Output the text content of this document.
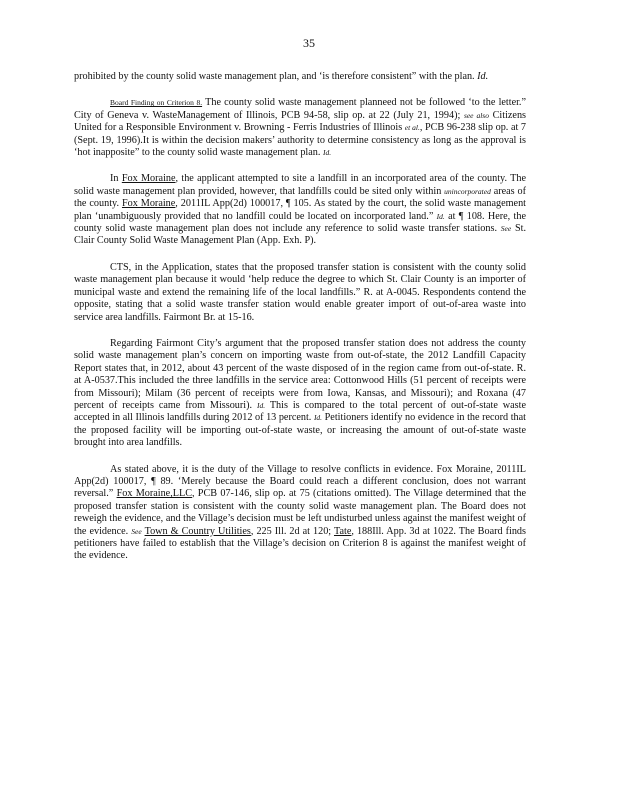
35

prohibited by the county solid waste management plan, and ‘is therefore consistent” with the plan. Id.

Board Finding on Criterion 8. The county solid waste management planneed not be followed ‘to the letter.” City of Geneva v. WasteManagement of Illinois, PCB 94-58, slip op. at 22 (July 21, 1994); see also Citizens United for a Responsible Environment v. Browning - Ferris Industries of Illinois et al., PCB 96-238 slip op. at 7 (Sept. 19, 1996).It is within the decision makers’ authority to determine consistency as long as the approval is ‘hot inapposite” to the county solid waste management plan. Id.

In Fox Moraine, the applicant attempted to site a landfill in an incorporated area of the county. The solid waste management plan provided, however, that landfills could be sited only within unincorporated areas of the county. Fox Moraine, 2011IL App(2d) 100017, ¶ 105. As stated by the court, the solid waste management plan ‘unambiguously provided that no landfill could be located on incorporated land.” Id. at ¶ 108. Here, the county solid waste management plan does not include any reference to solid waste transfer stations. See St. Clair County Solid Waste Management Plan (App. Exh. P).

CTS, in the Application, states that the proposed transfer station is consistent with the county solid waste management plan because it would ‘help reduce the degree to which St. Clair County is an importer of municipal waste and extend the remaining life of the local landfills.” R. at A-0045. Respondents contend the opposite, stating that a solid waste transfer station would enable greater import of out-of-area waste into service area landfills. Fairmont Br. at 15-16.

Regarding Fairmont City’s argument that the proposed transfer station does not address the county solid waste management plan’s concern on importing waste from out-of-state, the 2012 Landfill Capacity Report states that, in 2012, about 43 percent of the waste disposed of in the region came from out-of-state. R. at A-0537.This included the three landfills in the service area: Cottonwood Hills (51 percent of receipts were from Missouri); Milam (36 percent of receipts were from Iowa, Kansas, and Missouri); and Roxana (47 percent of receipts came from Missouri). Id. This is compared to the total percent of out-of-state waste accepted in all Illinois landfills during 2012 of 13 percent. Id. Petitioners identify no evidence in the record that the proposed facility will be importing out-of-state waste, or increasing the amount of out-of-state waste brought into area landfills.

As stated above, it is the duty of the Village to resolve conflicts in evidence. Fox Moraine, 2011IL App(2d) 100017, ¶ 89. ‘Merely because the Board could reach a different conclusion, does not warrant reversal.” Fox Moraine,LLC, PCB 07-146, slip op. at 75 (citations omitted). The Village determined that the proposed transfer station is consistent with the county solid waste management plan. The Board does not reweigh the evidence, and the Village’s decision must be left undisturbed unless against the manifest weight of the evidence. See Town & Country Utilities, 225 Ill. 2d at 120; Tate, 188Ill. App. 3d at 1022. The Board finds petitioners have failed to establish that the Village’s decision on Criterion 8 is against the manifest weight of the evidence.
